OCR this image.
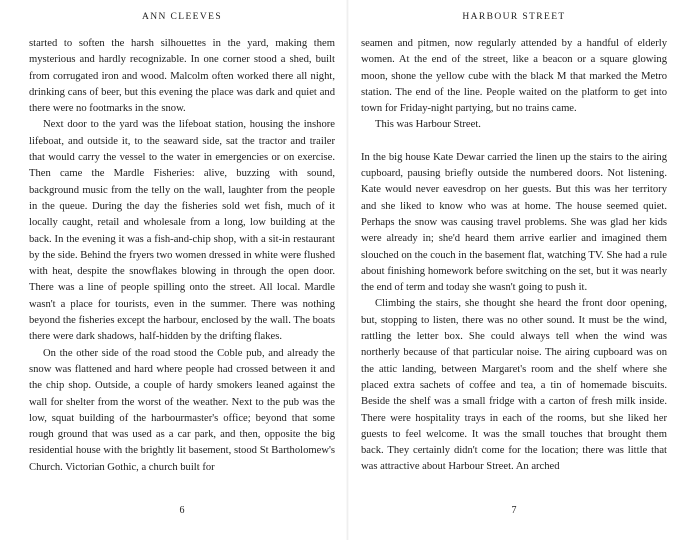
ANN CLEEVES

started to soften the harsh silhouettes in the yard, making them mysterious and hardly recognizable. In one corner stood a shed, built from corrugated iron and wood. Malcolm often worked there all night, drinking cans of beer, but this evening the place was dark and quiet and there were no footmarks in the snow.

Next door to the yard was the lifeboat station, housing the inshore lifeboat, and outside it, to the seaward side, sat the tractor and trailer that would carry the vessel to the water in emergencies or on exercise. Then came the Mardle Fisheries: alive, buzzing with sound, background music from the telly on the wall, laughter from the people in the queue. During the day the fisheries sold wet fish, much of it locally caught, retail and wholesale from a long, low building at the back. In the evening it was a fish-and-chip shop, with a sit-in restaurant by the side. Behind the fryers two women dressed in white were flushed with heat, despite the snowflakes blowing in through the open door. There was a line of people spilling onto the street. All local. Mardle wasn't a place for tourists, even in the summer. There was nothing beyond the fisheries except the harbour, enclosed by the wall. The boats there were dark shadows, half-hidden by the drifting flakes.

On the other side of the road stood the Coble pub, and already the snow was flattened and hard where people had crossed between it and the chip shop. Outside, a couple of hardy smokers leaned against the wall for shelter from the worst of the weather. Next to the pub was the low, squat building of the harbourmaster's office; beyond that some rough ground that was used as a car park, and then, opposite the big residential house with the brightly lit basement, stood St Bartholomew's Church. Victorian Gothic, a church built for

6
HARBOUR STREET

seamen and pitmen, now regularly attended by a handful of elderly women. At the end of the street, like a beacon or a square glowing moon, shone the yellow cube with the black M that marked the Metro station. The end of the line. People waited on the platform to get into town for Friday-night partying, but no trains came.

This was Harbour Street.

In the big house Kate Dewar carried the linen up the stairs to the airing cupboard, pausing briefly outside the numbered doors. Not listening. Kate would never eavesdrop on her guests. But this was her territory and she liked to know who was at home. The house seemed quiet. Perhaps the snow was causing travel problems. She was glad her kids were already in; she'd heard them arrive earlier and imagined them slouched on the couch in the basement flat, watching TV. She had a rule about finishing homework before switching on the set, but it was nearly the end of term and today she wasn't going to push it.

Climbing the stairs, she thought she heard the front door opening, but, stopping to listen, there was no other sound. It must be the wind, rattling the letter box. She could always tell when the wind was northerly because of that particular noise. The airing cupboard was on the attic landing, between Margaret's room and the shelf where she placed extra sachets of coffee and tea, a tin of homemade biscuits. Beside the shelf was a small fridge with a carton of fresh milk inside. There were hospitality trays in each of the rooms, but she liked her guests to feel welcome. It was the small touches that brought them back. They certainly didn't come for the location; there was little that was attractive about Harbour Street. An arched

7
